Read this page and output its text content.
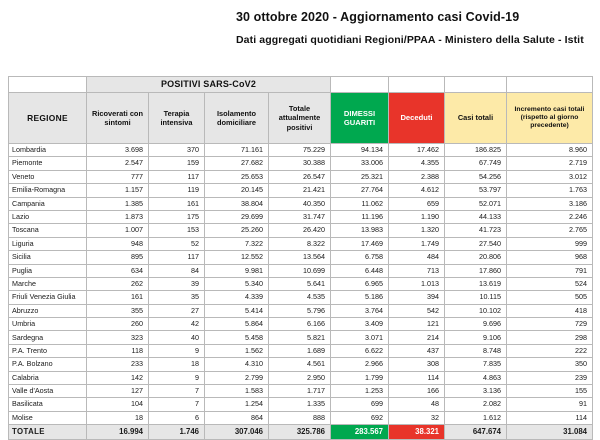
30 ottobre 2020 - Aggiornamento casi Covid-19
Dati aggregati quotidiani Regioni/PPAA - Ministero della Salute - Istit
	POSITIVI SARS-CoV2							

REGIONE	Ricoverati con sintomi	Terapia intensiva	Isolamento domiciliare	Totale attualmente positivi	DIMESSI GUARITI	Deceduti	Casi totali	Incremento casi totali (rispetto al giorno precedente)
Lombardia	3.698	370	71.161	75.229	94.134	17.462	186.825	8.960
Piemonte	2.547	159	27.682	30.388	33.006	4.355	67.749	2.719
Veneto	777	117	25.653	26.547	25.321	2.388	54.256	3.012
Emilia-Romagna	1.157	119	20.145	21.421	27.764	4.612	53.797	1.763
Campania	1.385	161	38.804	40.350	11.062	659	52.071	3.186
Lazio	1.873	175	29.699	31.747	11.196	1.190	44.133	2.246
Toscana	1.007	153	25.260	26.420	13.983	1.320	41.723	2.765
Liguria	948	52	7.322	8.322	17.469	1.749	27.540	999
Sicilia	895	117	12.552	13.564	6.758	484	20.806	968
Puglia	634	84	9.981	10.699	6.448	713	17.860	791
Marche	262	39	5.340	5.641	6.965	1.013	13.619	524
Friuli Venezia Giulia	161	35	4.339	4.535	5.186	394	10.115	505
Abruzzo	355	27	5.414	5.796	3.764	542	10.102	418
Umbria	260	42	5.864	6.166	3.409	121	9.696	729
Sardegna	323	40	5.458	5.821	3.071	214	9.106	298
P.A. Trento	118	9	1.562	1.689	6.622	437	8.748	222
P.A. Bolzano	233	18	4.310	4.561	2.966	308	7.835	350
Calabria	142	9	2.799	2.950	1.799	114	4.863	239
Valle d'Aosta	127	7	1.583	1.717	1.253	166	3.136	155
Basilicata	104	7	1.254	1.335	699	48	2.082	91
Molise	18	6	864	888	692	32	1.612	114
TOTALE	16.994	1.746	307.046	325.786	283.567	38.321	647.674	31.084
